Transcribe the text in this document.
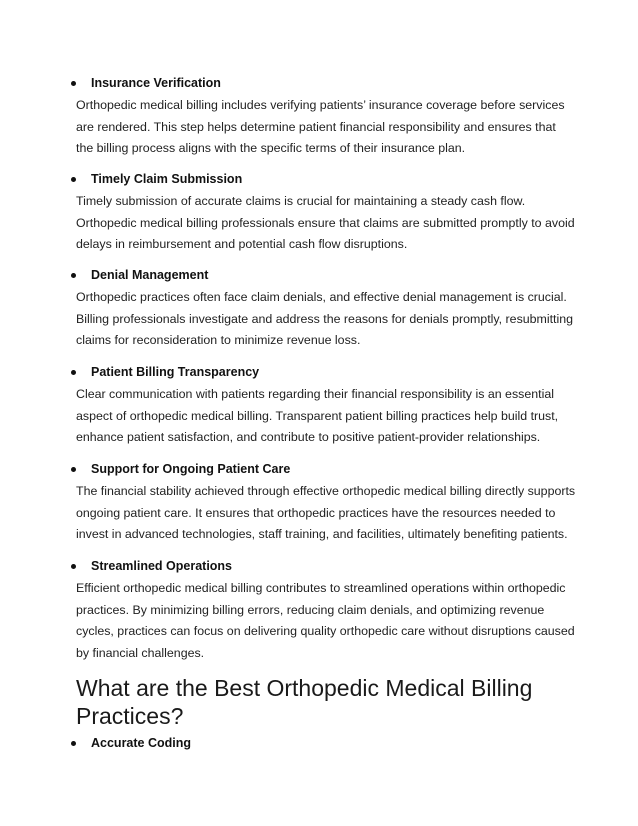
Insurance Verification

Orthopedic medical billing includes verifying patients’ insurance coverage before services are rendered. This step helps determine patient financial responsibility and ensures that the billing process aligns with the specific terms of their insurance plan.

Timely Claim Submission

Timely submission of accurate claims is crucial for maintaining a steady cash flow. Orthopedic medical billing professionals ensure that claims are submitted promptly to avoid delays in reimbursement and potential cash flow disruptions.

Denial Management

Orthopedic practices often face claim denials, and effective denial management is crucial. Billing professionals investigate and address the reasons for denials promptly, resubmitting claims for reconsideration to minimize revenue loss.

Patient Billing Transparency

Clear communication with patients regarding their financial responsibility is an essential aspect of orthopedic medical billing. Transparent patient billing practices help build trust, enhance patient satisfaction, and contribute to positive patient-provider relationships.

Support for Ongoing Patient Care

The financial stability achieved through effective orthopedic medical billing directly supports ongoing patient care. It ensures that orthopedic practices have the resources needed to invest in advanced technologies, staff training, and facilities, ultimately benefiting patients.

Streamlined Operations

Efficient orthopedic medical billing contributes to streamlined operations within orthopedic practices. By minimizing billing errors, reducing claim denials, and optimizing revenue cycles, practices can focus on delivering quality orthopedic care without disruptions caused by financial challenges.

What are the Best Orthopedic Medical Billing Practices?

Accurate Coding
